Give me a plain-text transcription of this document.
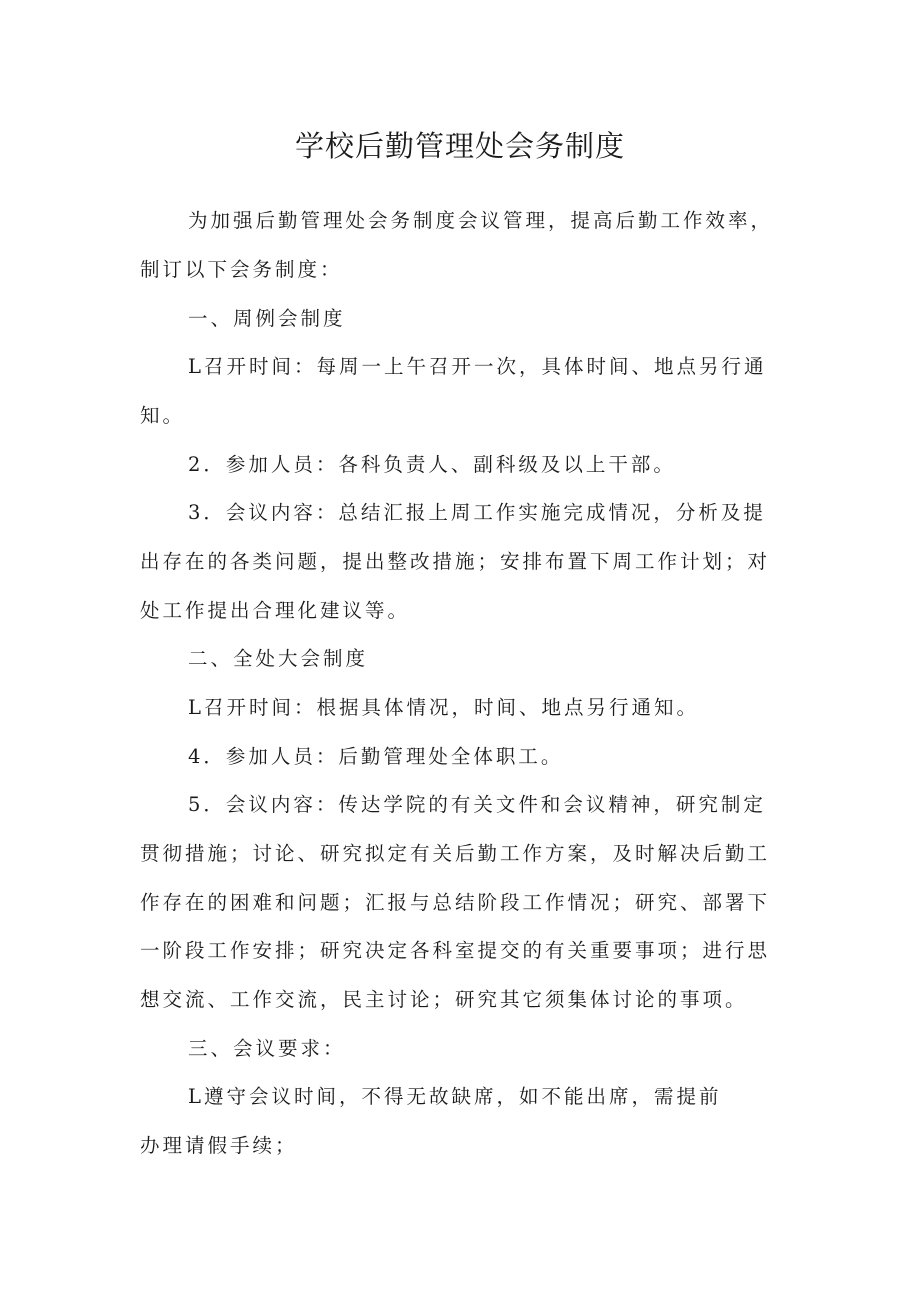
学校后勤管理处会务制度

为加强后勤管理处会务制度会议管理，提高后勤工作效率，

制订以下会务制度：

一、周例会制度

L召开时间：每周一上午召开一次，具体时间、地点另行通

知。

2．参加人员：各科负责人、副科级及以上干部。

3．会议内容：总结汇报上周工作实施完成情况，分析及提

出存在的各类问题，提出整改措施；安排布置下周工作计划；对

处工作提出合理化建议等。

二、全处大会制度

L召开时间：根据具体情况，时间、地点另行通知。

4．参加人员：后勤管理处全体职工。

5．会议内容：传达学院的有关文件和会议精神，研究制定

贯彻措施；讨论、研究拟定有关后勤工作方案，及时解决后勤工

作存在的困难和问题；汇报与总结阶段工作情况；研究、部署下

一阶段工作安排；研究决定各科室提交的有关重要事项；进行思

想交流、工作交流，民主讨论；研究其它须集体讨论的事项。

三、会议要求：

L遵守会议时间，不得无故缺席，如不能出席，需提前

办理请假手续；
